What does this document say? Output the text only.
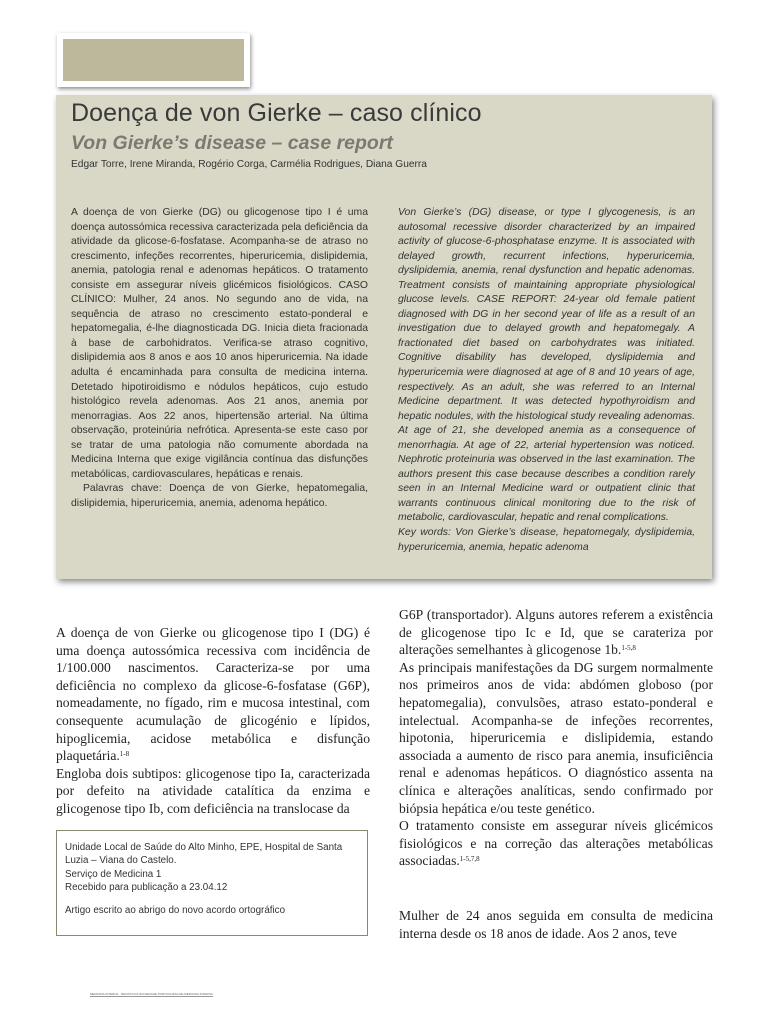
Doença de von Gierke – caso clínico
Von Gierke’s disease – case report

Edgar Torre, Irene Miranda, Rogério Corga, Carmélia Rodrigues, Diana Guerra

A doença de von Gierke (DG) ou glicogenose tipo I é uma doença autossómica recessiva caracterizada pela deficiência da atividade da glicose-6-fosfatase. Acompanha-se de atraso no crescimento, infeções recorrentes, hiperuricemia, dislipidemia, anemia, patologia renal e adenomas hepáticos. O tratamento consiste em assegurar níveis glicémicos fisiológicos. CASO CLÍNICO: Mulher, 24 anos. No segundo ano de vida, na sequência de atraso no crescimento estato-ponderal e hepatomegalia, é-lhe diagnosticada DG. Inicia dieta fracionada à base de carbohidratos. Verifica-se atraso cognitivo, dislipidemia aos 8 anos e aos 10 anos hiperuricemia. Na idade adulta é encaminhada para consulta de medicina interna. Detetado hipotiroidismo e nódulos hepáticos, cujo estudo histológico revela adenomas. Aos 21 anos, anemia por menorragias. Aos 22 anos, hipertensão arterial. Na última observação, proteinúria nefrótica. Apresenta-se este caso por se tratar de uma patologia não comumente abordada na Medicina Interna que exige vigilância contínua das disfunções metabólicas, cardiovasculares, hepáticas e renais.
Palavras chave: Doença de von Gierke, hepatomegalia, dislipidemia, hiperuricemia, anemia, adenoma hepático.
Von Gierke’s (DG) disease, or type I glycogenesis, is an autosomal recessive disorder characterized by an impaired activity of glucose-6-phosphatase enzyme. It is associated with delayed growth, recurrent infections, hyperuricemia, dyslipidemia, anemia, renal dysfunction and hepatic adenomas. Treatment consists of maintaining appropriate physiological glucose levels. CASE REPORT: 24-year old female patient diagnosed with DG in her second year of life as a result of an investigation due to delayed growth and hepatomegaly. A fractionated diet based on carbohydrates was initiated. Cognitive disability has developed, dyslipidemia and hyperuricemia were diagnosed at age of 8 and 10 years of age, respectively. As an adult, she was referred to an Internal Medicine department. It was detected hypothyroidism and hepatic nodules, with the histological study revealing adenomas. At age of 21, she developed anemia as a consequence of menorrhagia. At age of 22, arterial hypertension was noticed. Nephrotic proteinuria was observed in the last examination. The authors present this case because describes a condition rarely seen in an Internal Medicine ward or outpatient clinic that warrants continuous clinical monitoring due to the risk of metabolic, cardiovascular, hepatic and renal complications.
Key words: Von Gierke’s disease, hepatomegaly, dyslipidemia, hyperuricemia, anemia, hepatic adenoma

A doença de von Gierke ou glicogenose tipo I (DG) é uma doença autossómica recessiva com incidência de 1/100.000 nascimentos. Caracteriza-se por uma deficiência no complexo da glicose-6-fosfatase (G6P), nomeadamente, no fígado, rim e mucosa intestinal, com consequente acumulação de glicogénio e lípidos, hipoglicemia, acidose metabólica e disfunção plaquetária.$^{1-8}$

Engloba dois subtipos: glicogenose tipo Ia, caracterizada por defeito na atividade catalítica da enzima e glicogenose tipo Ib, com deficiência na translocase da

Unidade Local de Saúde do Alto Minho, EPE, Hospital de Santa Luzia – Viana do Castelo.

Serviço de Medicina 1

Recebido para publicação a 23.04.12

Artigo escrito ao abrigo do novo acordo ortográfico

G6P (transportador). Alguns autores referem a existência de glicogenose tipo Ic e Id, que se carateriza por alterações semelhantes à glicogenose 1b.$^{1-5,8}$

As principais manifestações da DG surgem normalmente nos primeiros anos de vida: abdómen globoso (por hepatomegalia), convulsões, atraso estato-ponderal e intelectual. Acompanha-se de infeções recorrentes, hipotonia, hiperuricemia e dislipidemia, estando associada a aumento de risco para anemia, insuficiência renal e adenomas hepáticos. O diagnóstico assenta na clínica e alterações analíticas, sendo confirmado por biópsia hepática e/ou teste genético.

O tratamento consiste em assegurar níveis glicémicos fisiológicos e na correção das alterações metabólicas associadas.$^{1-5,7,8}$

Mulher de 24 anos seguida em consulta de medicina interna desde os 18 anos de idade. Aos 2 anos, teve

MEDICINA INTERNA · REVISTA DA SOCIEDADE PORTUGUESA DE MEDICINA INTERNA
